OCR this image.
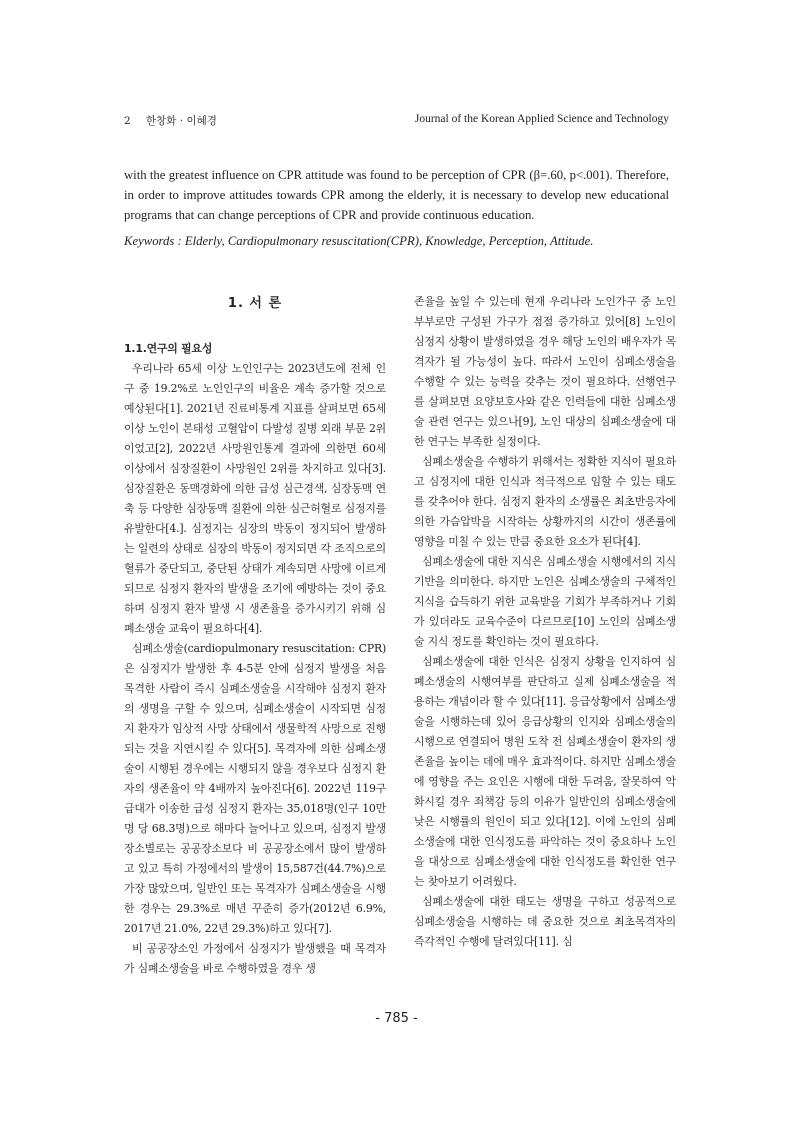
2 한창화 · 이혜경	Journal of the Korean Applied Science and Technology
with the greatest influence on CPR attitude was found to be perception of CPR (β=.60, p<.001). Therefore, in order to improve attitudes towards CPR among the elderly, it is necessary to develop new educational programs that can change perceptions of CPR and provide continuous education.
Keywords : Elderly, Cardiopulmonary resuscitation(CPR), Knowledge, Perception, Attitude.
1. 서 론
1.1.연구의 필요성

우리나라 65세 이상 노인인구는 2023년도에 전체 인구 중 19.2%로 노인인구의 비율은 계속 증가할 것으로 예상된다[1]. 2021년 진료비통계 지표를 살펴보면 65세 이상 노인이 본태성 고혈압이 다발성 질병 외래 부문 2위이었고[2], 2022년 사망원인통계 결과에 의한면 60세 이상에서 심장질환이 사망원인 2위를 차지하고 있다[3]. 심장질환은 동맥경화에 의한 급성 심근경색, 심장동맥 연축 등 다양한 심장동맥 질환에 의한 심근허혈로 심정지를 유발한다[4.]. 심정지는 심장의 박동이 정지되어 발생하는 일련의 상태로 심장의 박동이 정지되면 각 조직으로의 혈류가 중단되고, 중단된 상태가 계속되면 사망에 이르게 되므로 심정지 환자의 발생을 조기에 예방하는 것이 중요하며 심정지 환자 발생 시 생존율을 증가시키기 위해 심폐소생술 교육이 필요하다[4].

심폐소생술(cardiopulmonary resuscitation: CPR)은 심정지가 발생한 후 4-5분 안에 심정지 발생을 처음 목격한 사람이 즉시 심폐소생술을 시작해야 심정지 환자의 생명을 구할 수 있으며, 심폐소생술이 시작되면 심정지 환자가 임상적 사망 상태에서 생물학적 사망으로 진행되는 것을 지연시킬 수 있다[5]. 목격자에 의한 심폐소생술이 시행된 경우에는 시행되지 않을 경우보다 심정지 환자의 생존율이 약 4배까지 높아진다[6]. 2022년 119구급대가 이송한 급성 심정지 환자는 35,018명(인구 10만 명 당 68.3명)으로 해마다 늘어나고 있으며, 심정지 발생 장소별로는 공공장소보다 비 공공장소에서 많이 발생하고 있고 특히 가정에서의 발생이 15,587건(44.7%)으로 가장 많았으며, 일반인 또는 목격자가 심폐소생술을 시행한 경우는 29.3%로 매년 꾸준히 증가(2012년 6.9%, 2017년 21.0%, 22년 29.3%)하고 있다[7].

비 공공장소인 가정에서 심정지가 발생했을 때 목격자가 심폐소생술을 바로 수행하였을 경우 생

존율을 높일 수 있는데 현재 우리나라 노인가구 중 노인 부부로만 구성된 가구가 점점 증가하고 있어[8] 노인이 심정지 상황이 발생하였을 경우 해당 노인의 배우자가 목격자가 될 가능성이 높다. 따라서 노인이 심폐소생술을 수행할 수 있는 능력을 갖추는 것이 필요하다. 선행연구를 살펴보면 요양보호사와 같은 인력들에 대한 심폐소생술 관련 연구는 있으나[9], 노인 대상의 심폐소생술에 대한 연구는 부족한 실정이다.

심폐소생술을 수행하기 위해서는 정확한 지식이 필요하고 심정지에 대한 인식과 적극적으로 임할 수 있는 태도를 갖추어야 한다. 심정지 환자의 소생률은 최초반응자에 의한 가슴압박을 시작하는 상황까지의 시간이 생존률에 영향을 미칠 수 있는 만큼 중요한 요소가 된다[4].

심폐소생술에 대한 지식은 심폐소생술 시행에서의 지식기반을 의미한다. 하지만 노인은 심폐소생술의 구체적인 지식을 습득하기 위한 교육받을 기회가 부족하거나 기회가 있더라도 교육수준이 다르므로[10] 노인의 심폐소생술 지식 정도를 확인하는 것이 필요하다.

심폐소생술에 대한 인식은 심정지 상황을 인지하여 심폐소생술의 시행여부를 판단하고 실제 심폐소생술을 적용하는 개념이라 할 수 있다[11]. 응급상황에서 심폐소생술을 시행하는데 있어 응급상황의 인지와 심폐소생술의 시행으로 연결되어 병원 도착 전 심폐소생술이 환자의 생존율을 높이는 데에 매우 효과적이다. 하지만 심폐소생술에 영향을 주는 요인은 시행에 대한 두려움, 잘못하여 악화시킬 경우 죄책감 등의 이유가 일반인의 심폐소생술에 낮은 시행률의 원인이 되고 있다[12]. 이에 노인의 심폐소생술에 대한 인식정도를 파악하는 것이 중요하나 노인을 대상으로 심폐소생술에 대한 인식정도를 확인한 연구는 찾아보기 어려웠다.

심폐소생술에 대한 태도는 생명을 구하고 성공적으로 심폐소생술을 시행하는 데 중요한 것으로 최초목격자의 즉각적인 수행에 달려있다[11]. 심

- 785 -
